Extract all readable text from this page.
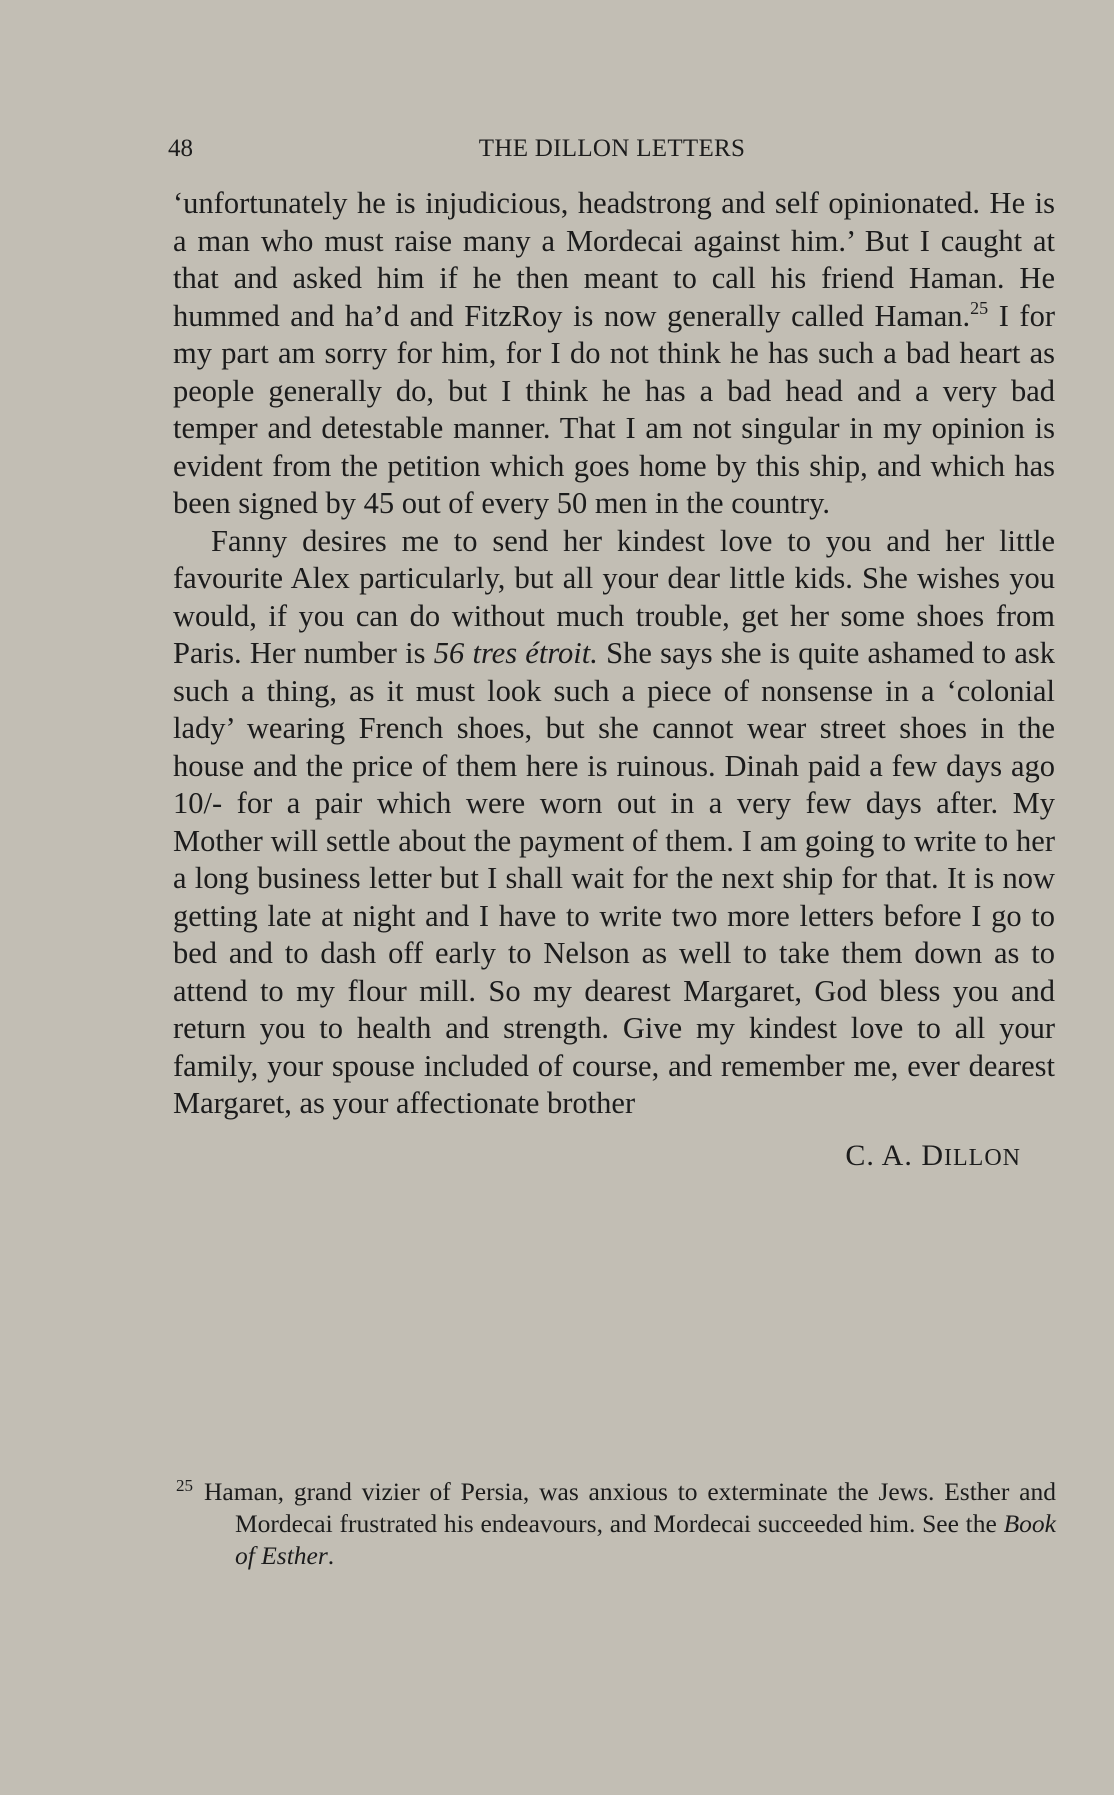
48	THE DILLON LETTERS

‘unfortunately he is injudicious, headstrong and self opinionated. He is a man who must raise many a Mordecai against him.’ But I caught at that and asked him if he then meant to call his friend Haman. He hummed and ha’d and FitzRoy is now generally called Haman.$^{25}$ I for my part am sorry for him, for I do not think he has such a bad heart as people generally do, but I think he has a bad head and a very bad temper and detestable manner. That I am not singular in my opinion is evident from the petition which goes home by this ship, and which has been signed by 45 out of every 50 men in the country.

Fanny desires me to send her kindest love to you and her little favourite Alex particularly, but all your dear little kids. She wishes you would, if you can do without much trouble, get her some shoes from Paris. Her number is 56 tres étroit. She says she is quite ashamed to ask such a thing, as it must look such a piece of nonsense in a ‘colonial lady’ wearing French shoes, but she cannot wear street shoes in the house and the price of them here is ruinous. Dinah paid a few days ago 10/- for a pair which were worn out in a very few days after. My Mother will settle about the payment of them. I am going to write to her a long business letter but I shall wait for the next ship for that. It is now getting late at night and I have to write two more letters before I go to bed and to dash off early to Nelson as well to take them down as to attend to my flour mill. So my dearest Margaret, God bless you and return you to health and strength. Give my kindest love to all your family, your spouse included of course, and remember me, ever dearest Margaret, as your affectionate brother

C. A. DILLON

25 Haman, grand vizier of Persia, was anxious to exterminate the Jews. Esther and Mordecai frustrated his endeavours, and Mordecai succeeded him. See the Book of Esther.
